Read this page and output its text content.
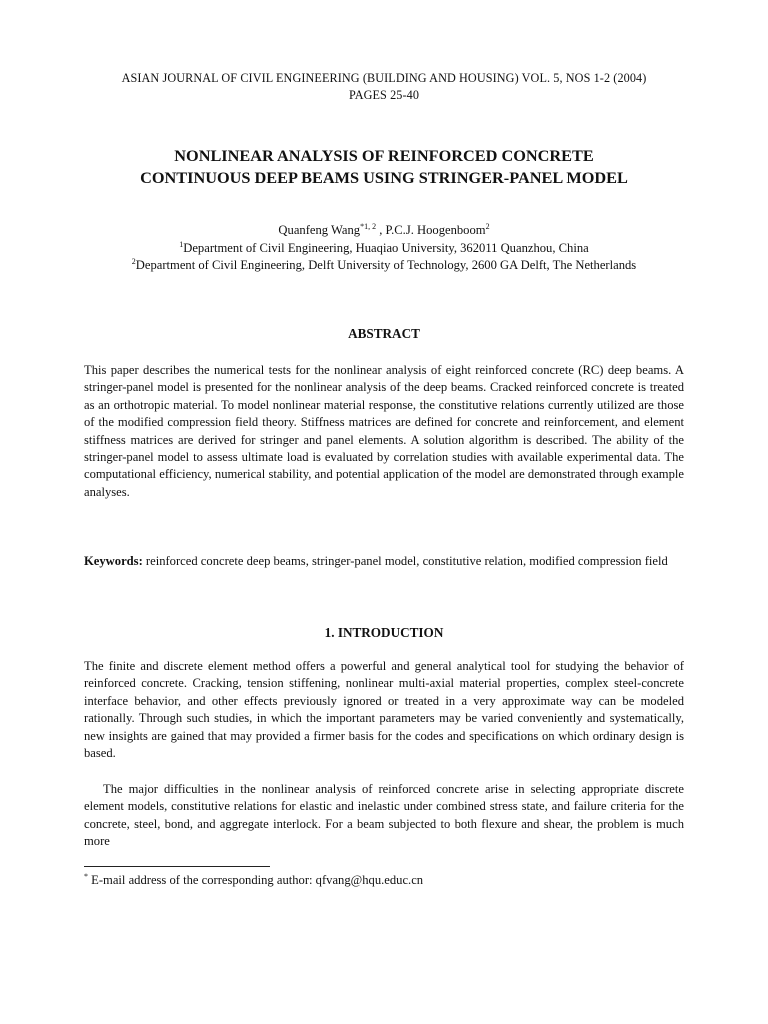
ASIAN JOURNAL OF CIVIL ENGINEERING (BUILDING AND HOUSING) VOL. 5, NOS 1-2 (2004)
PAGES 25-40
NONLINEAR ANALYSIS OF REINFORCED CONCRETE
CONTINUOUS DEEP BEAMS USING STRINGER-PANEL MODEL
Quanfeng Wang$^{*1, 2}$ , P.C.J. Hoogenboom$^2$
$^1$Department of Civil Engineering, Huaqiao University, 362011 Quanzhou, China
$^2$Department of Civil Engineering, Delft University of Technology, 2600 GA Delft, The Netherlands
ABSTRACT
This paper describes the numerical tests for the nonlinear analysis of eight reinforced concrete (RC) deep beams. A stringer-panel model is presented for the nonlinear analysis of the deep beams. Cracked reinforced concrete is treated as an orthotropic material. To model nonlinear material response, the constitutive relations currently utilized are those of the modified compression field theory. Stiffness matrices are defined for concrete and reinforcement, and element stiffness matrices are derived for stringer and panel elements. A solution algorithm is described. The ability of the stringer-panel model to assess ultimate load is evaluated by correlation studies with available experimental data. The computational efficiency, numerical stability, and potential application of the model are demonstrated through example analyses.
Keywords: reinforced concrete deep beams, stringer-panel model, constitutive relation, modified compression field
1. INTRODUCTION
The finite and discrete element method offers a powerful and general analytical tool for studying the behavior of reinforced concrete. Cracking, tension stiffening, nonlinear multi-axial material properties, complex steel-concrete interface behavior, and other effects previously ignored or treated in a very approximate way can be modeled rationally. Through such studies, in which the important parameters may be varied conveniently and systematically, new insights are gained that may provided a firmer basis for the codes and specifications on which ordinary design is based.
The major difficulties in the nonlinear analysis of reinforced concrete arise in selecting appropriate discrete element models, constitutive relations for elastic and inelastic under combined stress state, and failure criteria for the concrete, steel, bond, and aggregate interlock. For a beam subjected to both flexure and shear, the problem is much more
* E-mail address of the corresponding author: qfvang@hqu.educ.cn
